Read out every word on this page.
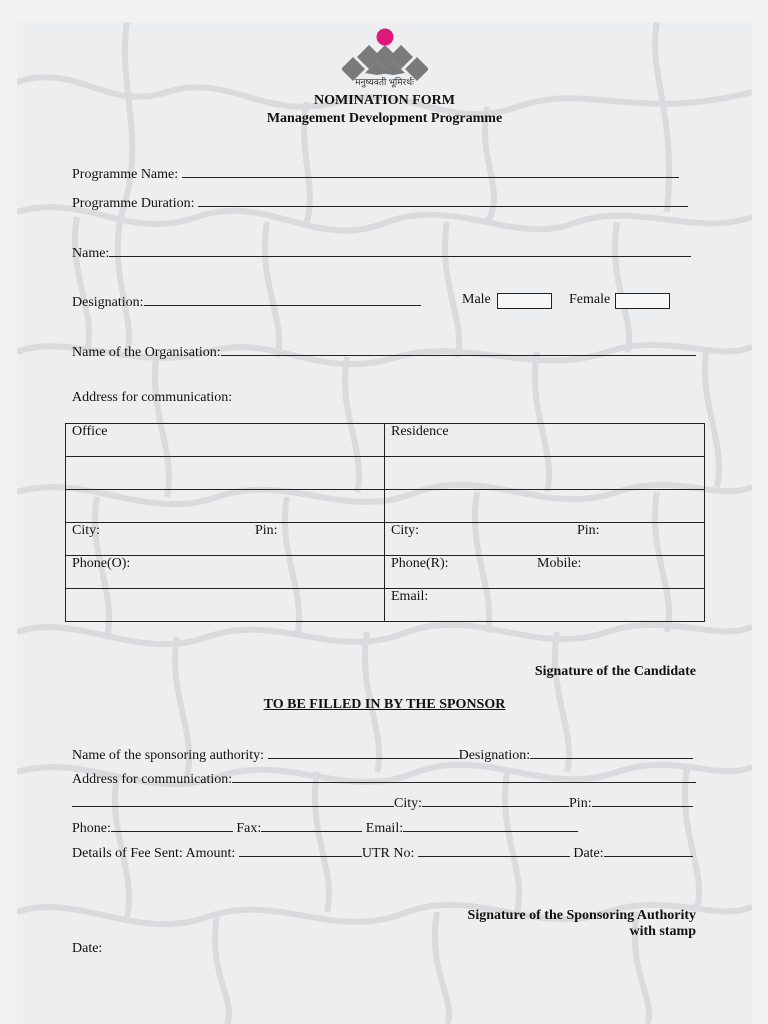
मनुष्यवती भूमिरर्थः
NOMINATION FORM
Management Development Programme
Programme Name:
Programme Duration:
Name:
Designation:	Male	Female
Name of the Organisation:
Address for communication:
Office	Residence

City: Pin:	City: Pin:

Phone(O):	Phone(R): Mobile:

	Email:
Signature of the Candidate
TO BE FILLED IN BY THE SPONSOR
Name of the sponsoring authority:	Designation:
Address for communication:
City:	Pin:
Phone:	Fax:	Email:
Details of Fee Sent: Amount:	UTR No:	Date:
Signature of the Sponsoring Authority
with stamp
Date:
